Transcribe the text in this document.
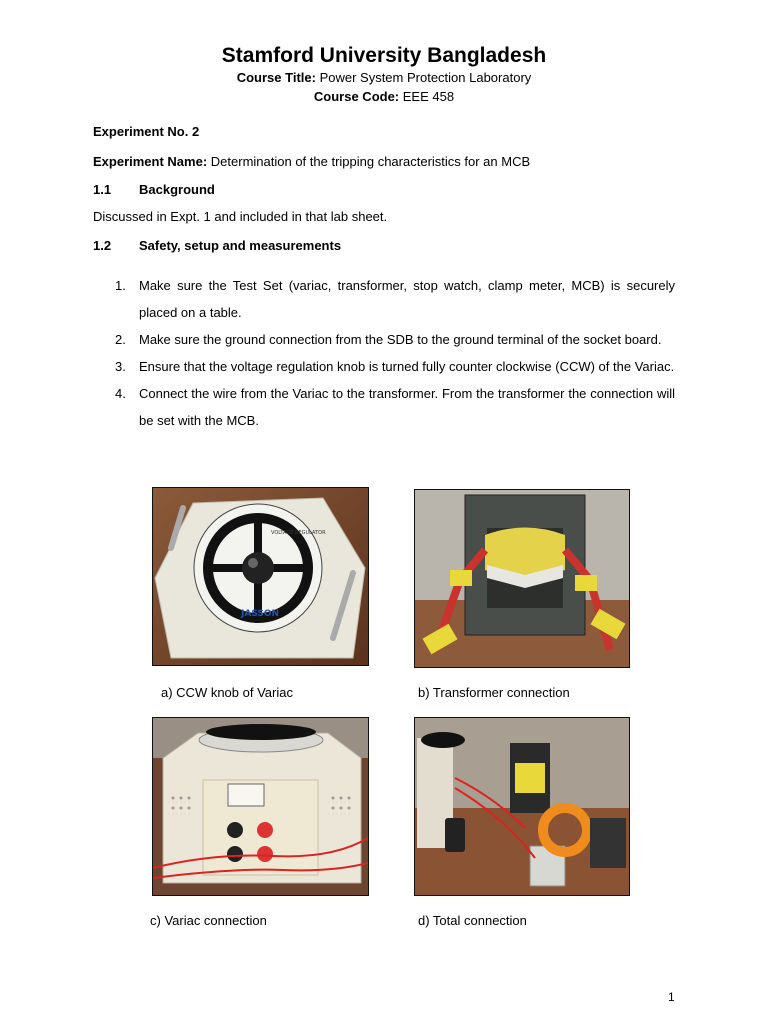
Stamford University Bangladesh
Course Title: Power System Protection Laboratory
Course Code: EEE 458
Experiment No. 2
Experiment Name: Determination of the tripping characteristics for an MCB
1.1 Background
Discussed in Expt. 1 and included in that lab sheet.
1.2 Safety, setup and measurements
1. Make sure the Test Set (variac, transformer, stop watch, clamp meter, MCB) is securely placed on a table.
2. Make sure the ground connection from the SDB to the ground terminal of the socket board.
3. Ensure that the voltage regulation knob is turned fully counter clockwise (CCW) of the Variac.
4. Connect the wire from the Variac to the transformer. From the transformer the connection will be set with the MCB.
VOLTAGE REGULATOR
JASSON
a) CCW knob of Variac	b) Transformer connection
c) Variac connection	d) Total connection
1
